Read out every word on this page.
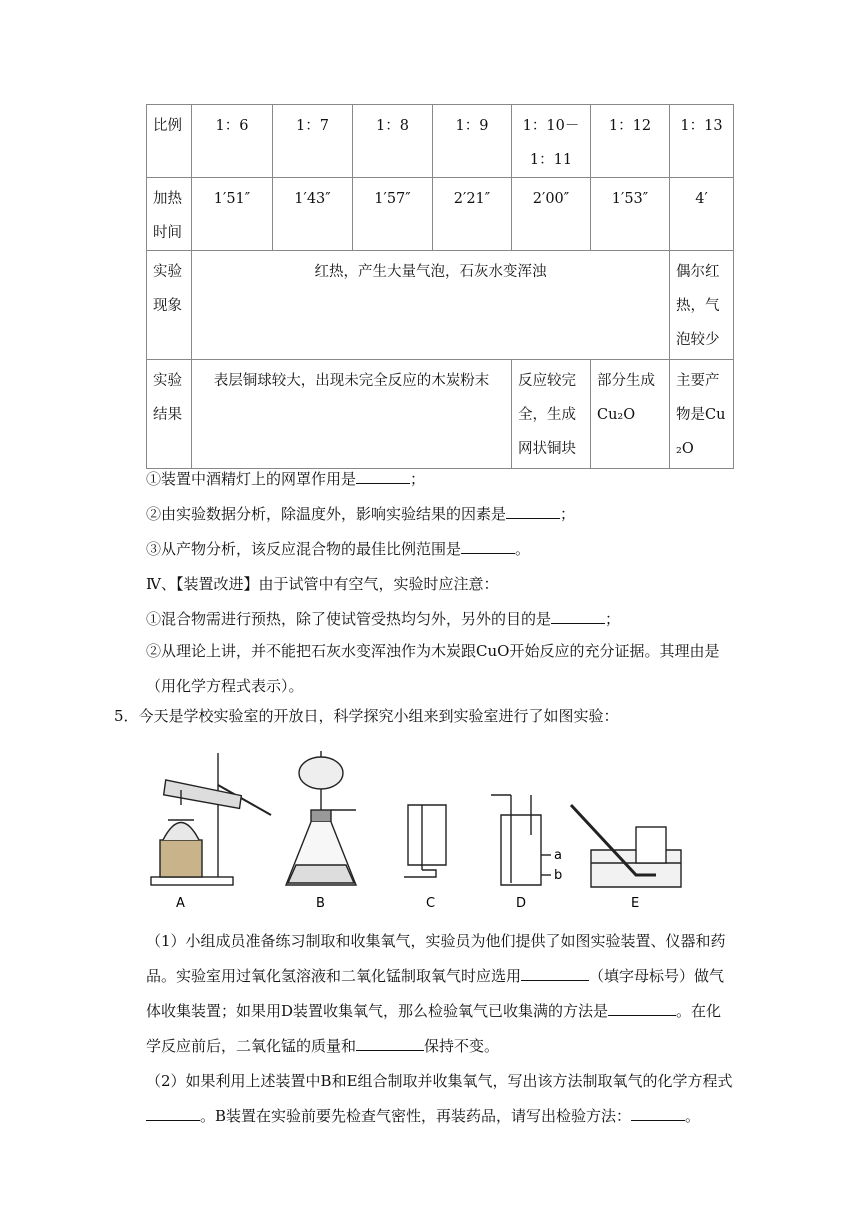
比例	1：6	1：7	1：8	1：9	1：10－1：11	1：12	1：13
加热时间	1′51″	1′43″	1′57″	2′21″	2′00″	1′53″	4′
实验现象	红热，产生大量气泡，石灰水变浑浊						偶尔红热，气泡较少
实验结果	表层铜球较大，出现未完全反应的木炭粉末				反应较完全，生成网状铜块	部分生成Cu₂O	主要产物是Cu₂O
①装置中酒精灯上的网罩作用是	；
②由实验数据分析，除温度外，影响实验结果的因素是	；
③从产物分析，该反应混合物的最佳比例范围是	。
Ⅳ、【装置改进】由于试管中有空气，实验时应注意：
①混合物需进行预热，除了使试管受热均匀外，另外的目的是	；
②从理论上讲，并不能把石灰水变浑浊作为木炭跟CuO开始反应的充分证据。其理由是（用化学方程式表示）。
5．今天是学校实验室的开放日，科学探究小组来到实验室进行了如图实验：
A	B	C
a
b
D	E
（1）小组成员准备练习制取和收集氧气，实验员为他们提供了如图实验装置、仪器和药品。实验室用过氧化氢溶液和二氧化锰制取氧气时应选用	（填字母标号）做气体收集装置；如果用D装置收集氧气，那么检验氧气已收集满的方法是	。在化学反应前后，二氧化锰的质量和	保持不变。
（2）如果利用上述装置中B和E组合制取并收集氧气，写出该方法制取氧气的化学方程式。B装置在实验前要先检查气密性，再装药品，请写出检验方法：	。
